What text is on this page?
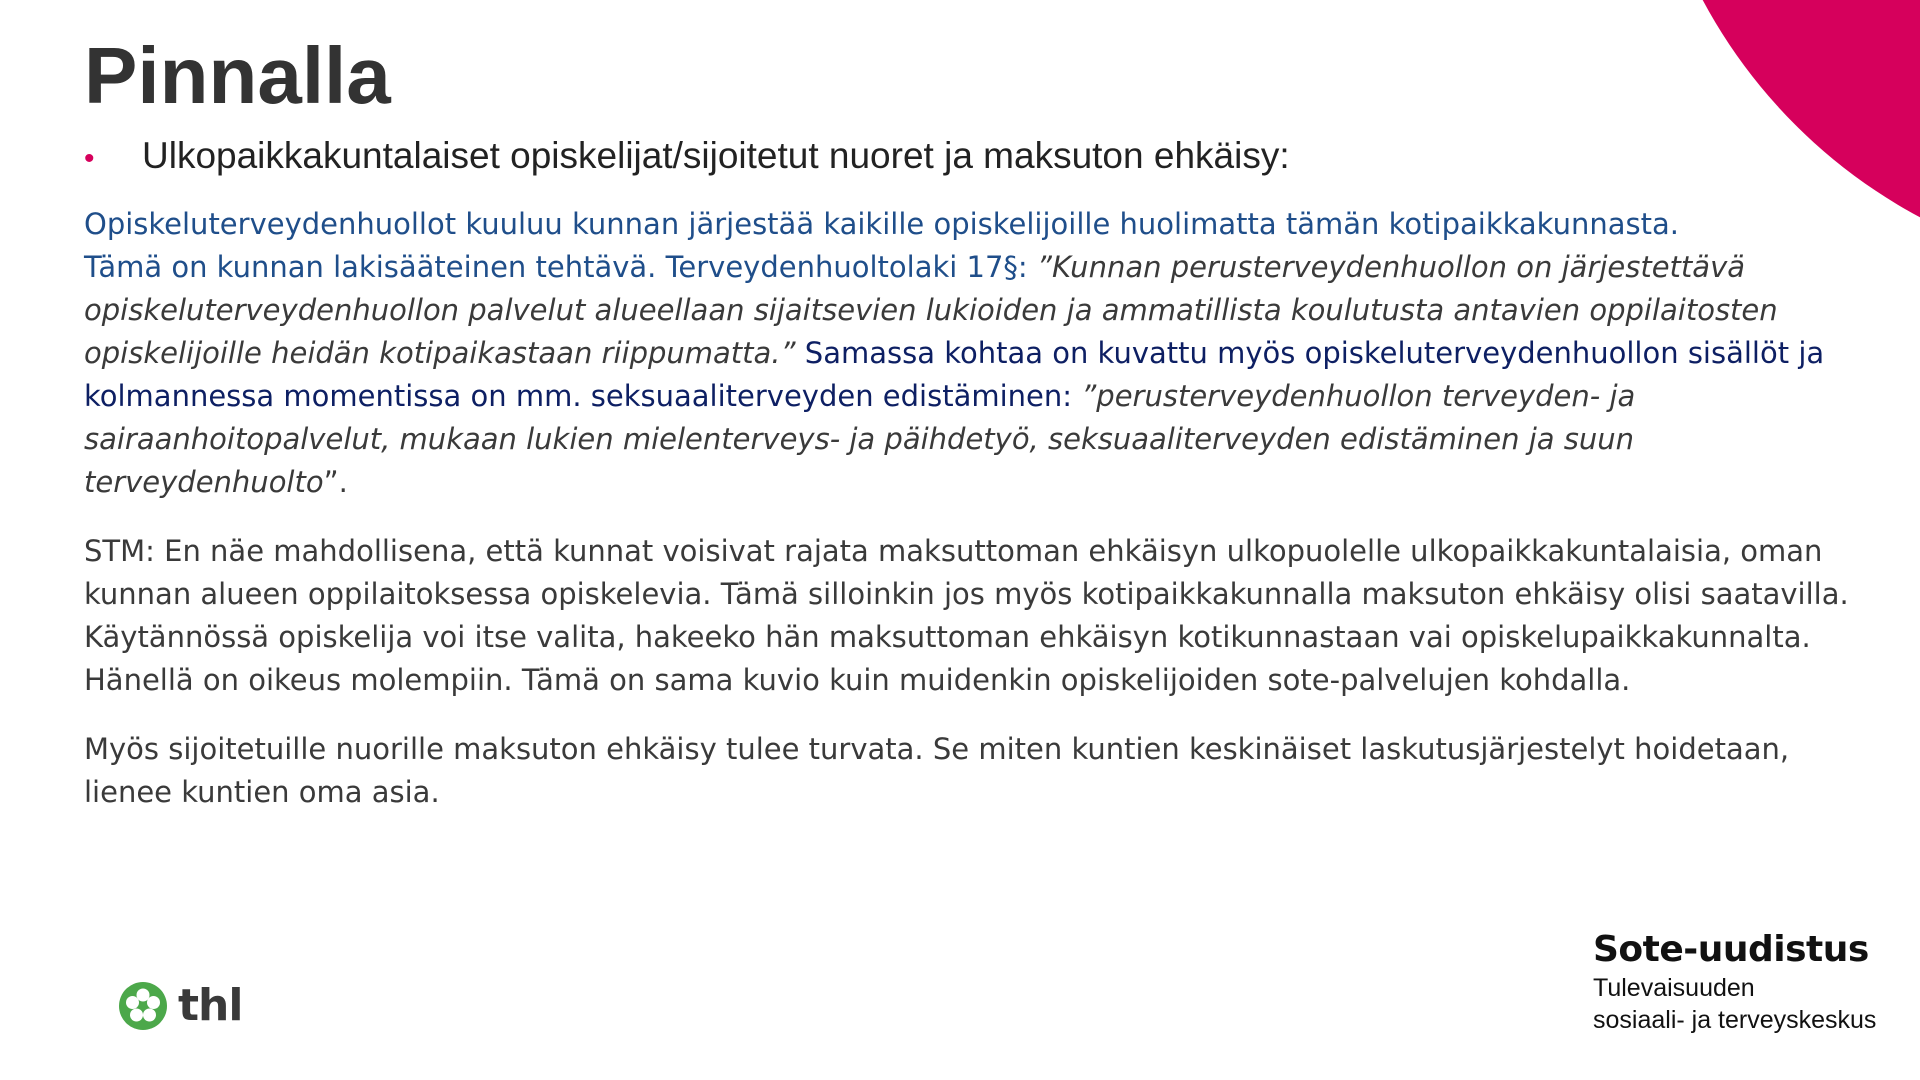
Pinnalla
• Ulkopaikkakuntalaiset opiskelijat/sijoitetut nuoret ja maksuton ehkäisy:

Opiskeluterveydenhuollot kuuluu kunnan järjestää kaikille opiskelijoille huolimatta tämän kotipaikkakunnasta.
Tämä on kunnan lakisääteinen tehtävä. Terveydenhuoltolaki 17§: ”Kunnan perusterveydenhuollon on järjestettävä opiskeluterveydenhuollon palvelut alueellaan sijaitsevien lukioiden ja ammatillista koulutusta antavien oppilaitosten opiskelijoille heidän kotipaikastaan riippumatta.” Samassa kohtaa on kuvattu myös opiskeluterveydenhuollon sisällöt ja kolmannessa momentissa on mm. seksuaaliterveyden edistäminen: ”perusterveydenhuollon terveyden- ja sairaanhoitopalvelut, mukaan lukien mielenterveys- ja päihdetyö, seksuaaliterveyden edistäminen ja suun terveydenhuolto”.

STM: En näe mahdollisena, että kunnat voisivat rajata maksuttoman ehkäisyn ulkopuolelle ulkopaikkakuntalaisia, oman kunnan alueen oppilaitoksessa opiskelevia. Tämä silloinkin jos myös kotipaikkakunnalla maksuton ehkäisy olisi saatavilla. Käytännössä opiskelija voi itse valita, hakeeko hän maksuttoman ehkäisyn kotikunnastaan vai opiskelupaikkakunnalta. Hänellä on oikeus molempiin. Tämä on sama kuvio kuin muidenkin opiskelijoiden sote-palvelujen kohdalla.

Myös sijoitetuille nuorille maksuton ehkäisy tulee turvata. Se miten kuntien keskinäiset laskutusjärjestelyt hoidetaan, lienee kuntien oma asia.

thl
Sote-uudistus
Tulevaisuuden
sosiaali- ja terveyskeskus
